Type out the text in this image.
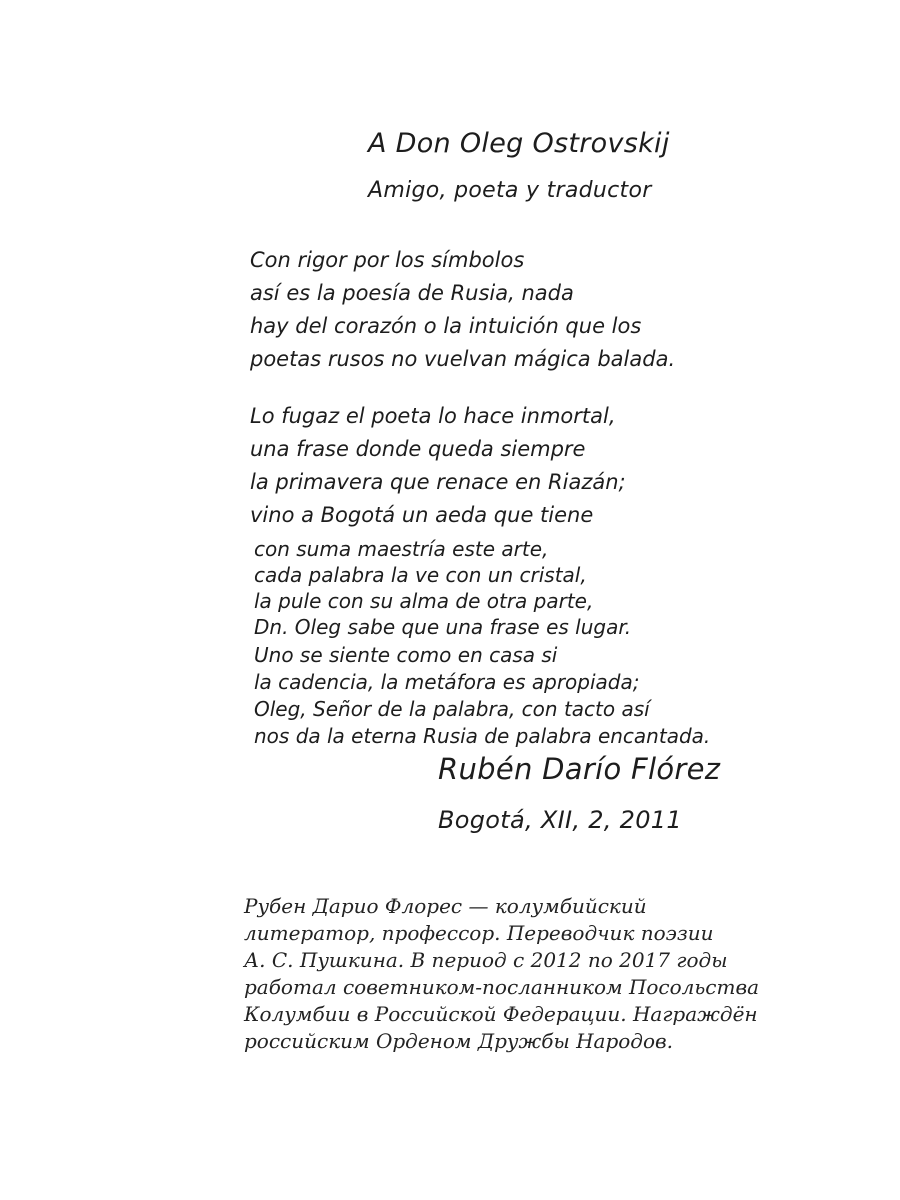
A Don Oleg Ostrovskij
Amigo, poeta y traductor
Con rigor por los símbolos
así es la poesía de Rusia, nada
hay del corazón o la intuición que los
poetas rusos no vuelvan mágica balada.
Lo fugaz el poeta lo hace inmortal,
una frase donde queda siempre
la primavera que renace en Riazán;
vino a Bogotá un aeda que tiene
con suma maestría este arte,
cada palabra la ve con un cristal,
la pule con su alma de otra parte,
Dn. Oleg sabe que una frase es lugar.
Uno se siente como en casa si
la cadencia, la metáfora es apropiada;
Oleg, Señor de la palabra, con tacto así
nos da la eterna Rusia de palabra encantada.
Rubén Darío Flórez
Bogotá, XII, 2, 2011
Рубен Дарио Флорес — колумбийский
литератор, профессор. Переводчик поэзии
А. С. Пушкина. В период с 2012 по 2017 годы
работал советником-посланником Посольства
Колумбии в Российской Федерации. Награждён
российским Орденом Дружбы Народов.
